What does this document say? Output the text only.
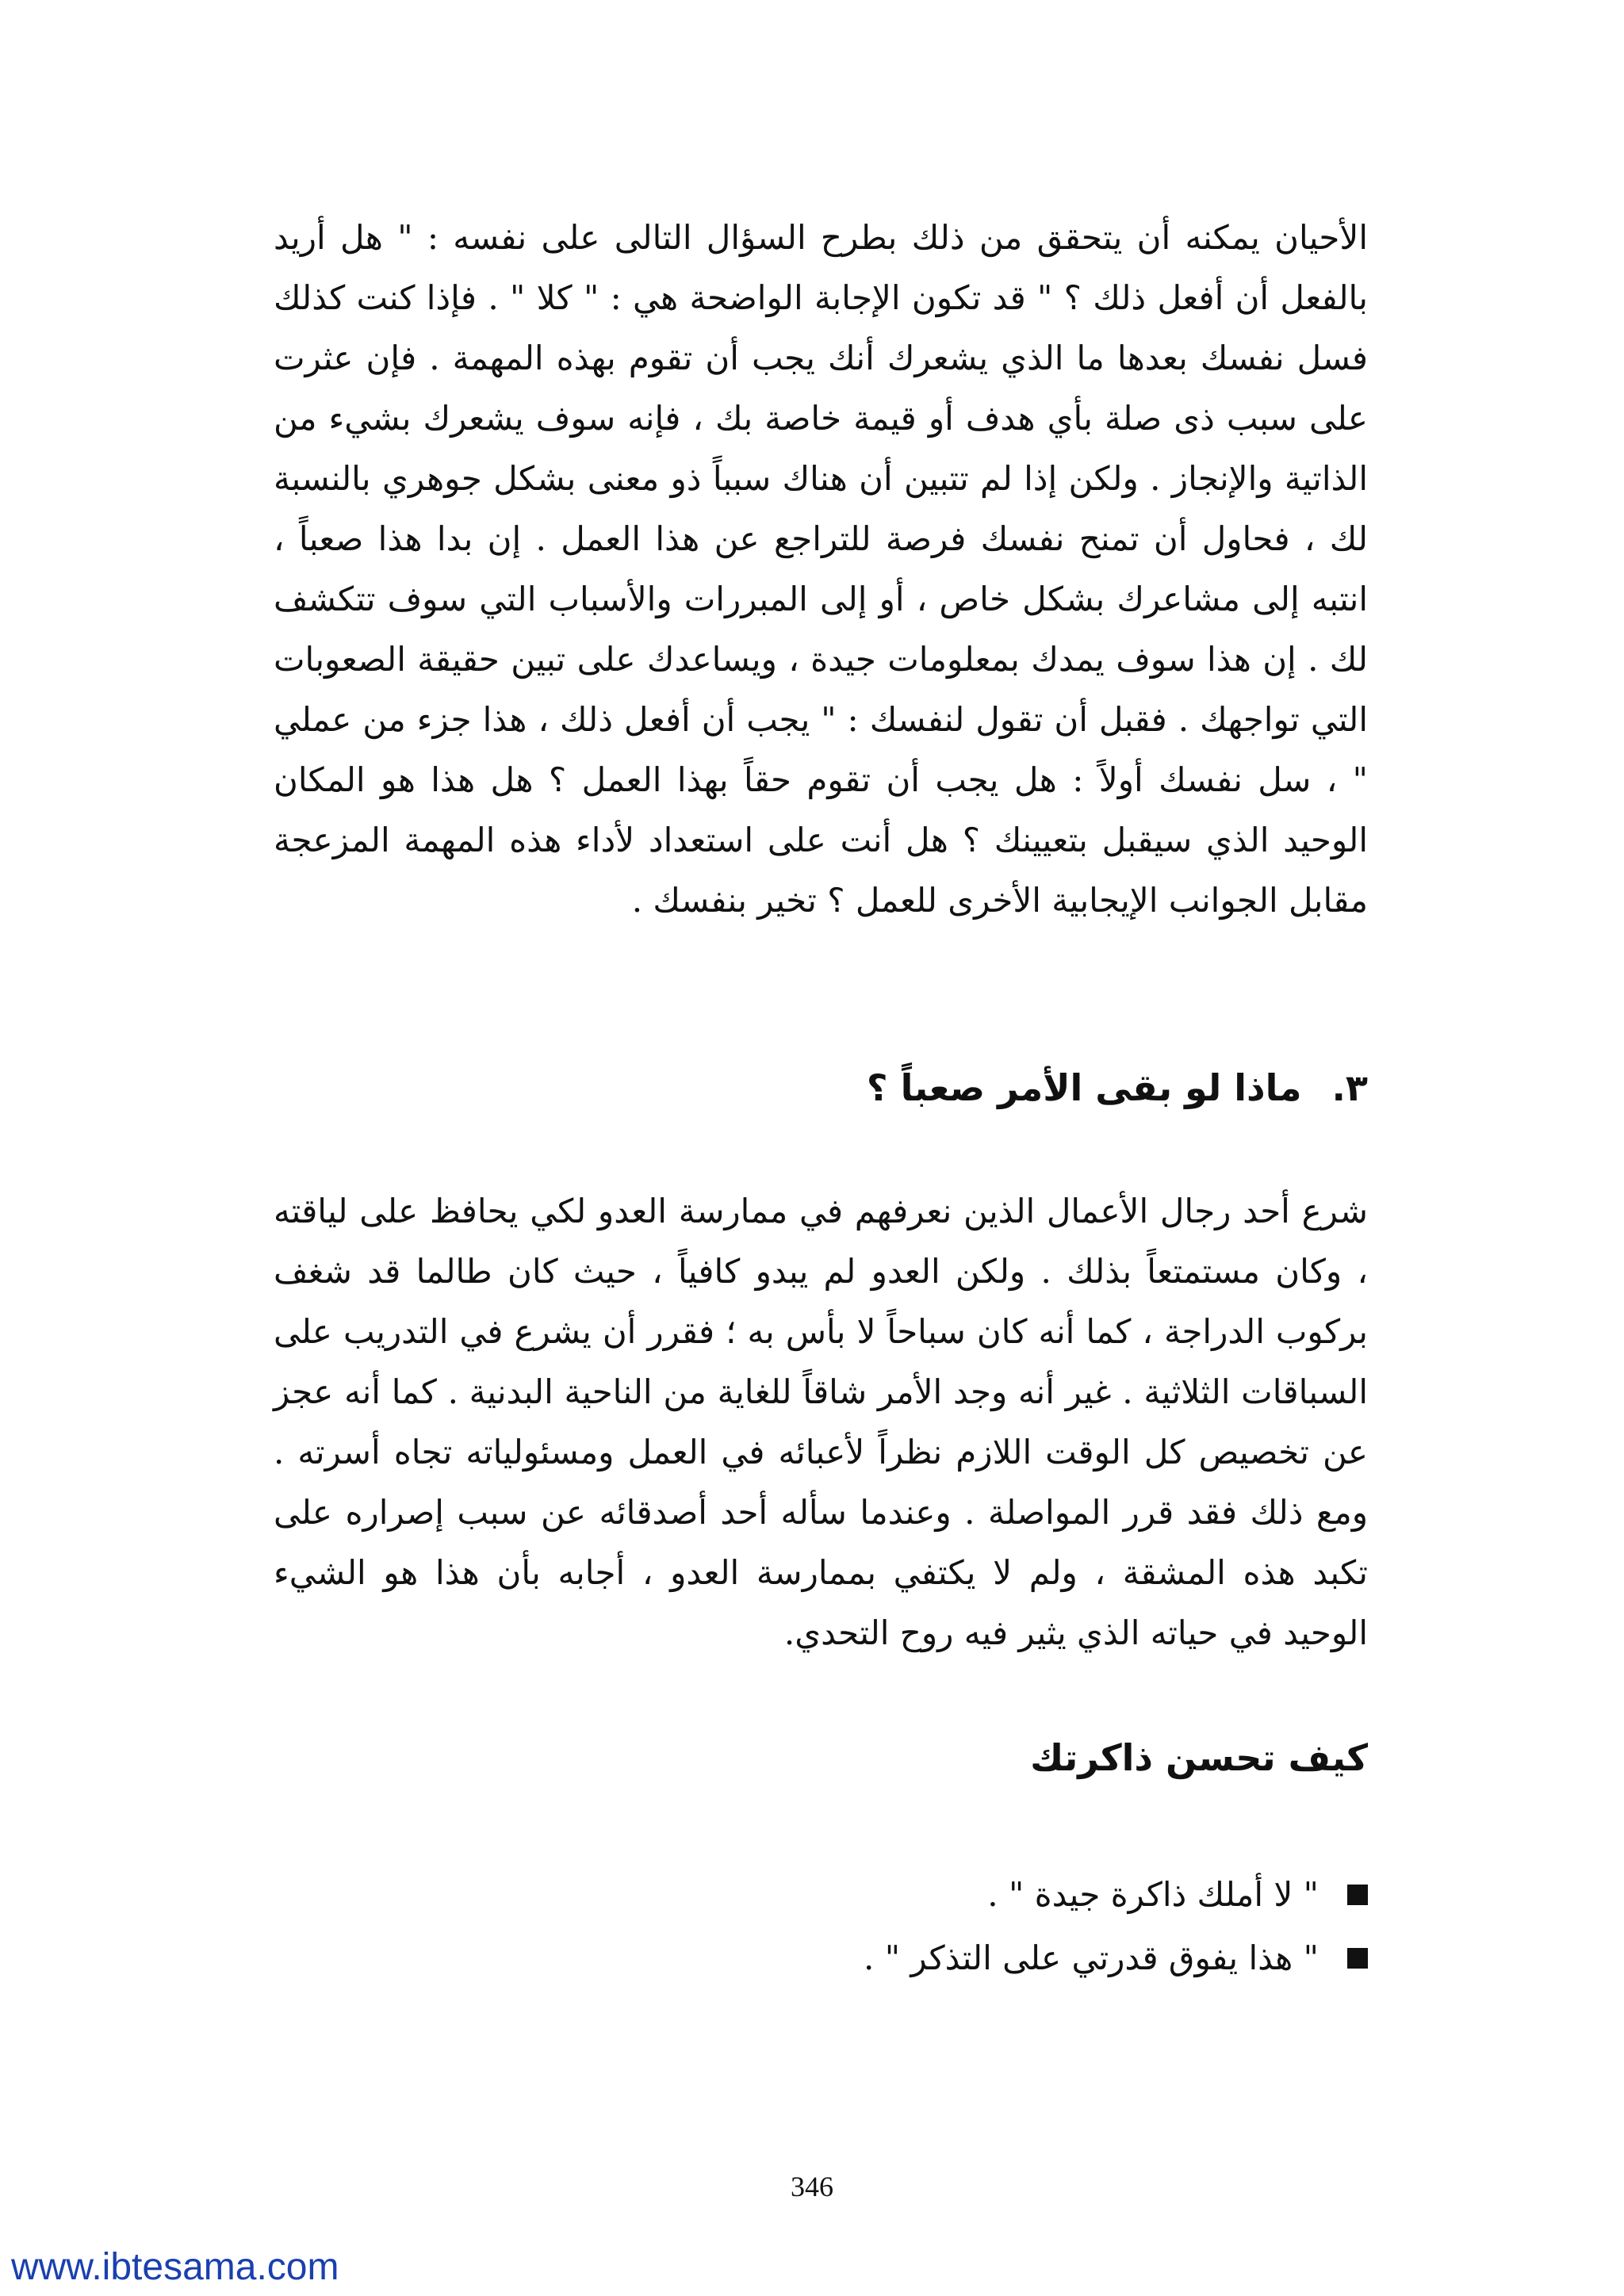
الأحيان يمكنه أن يتحقق من ذلك بطرح السؤال التالى على نفسه : " هل أريد بالفعل أن أفعل ذلك ؟ " قد تكون الإجابة الواضحة هي : " كلا " . فإذا كنت كذلك فسل نفسك بعدها ما الذي يشعرك أنك يجب أن تقوم بهذه المهمة . فإن عثرت على سبب ذى صلة بأي هدف أو قيمة خاصة بك ، فإنه سوف يشعرك بشيء من الذاتية والإنجاز . ولكن إذا لم تتبين أن هناك سبباً ذو معنى بشكل جوهري بالنسبة لك ، فحاول أن تمنح نفسك فرصة للتراجع عن هذا العمل . إن بدا هذا صعباً ، انتبه إلى مشاعرك بشكل خاص ، أو إلى المبررات والأسباب التي سوف تتكشف لك . إن هذا سوف يمدك بمعلومات جيدة ، ويساعدك على تبين حقيقة الصعوبات التي تواجهك . فقبل أن تقول لنفسك : " يجب أن أفعل ذلك ، هذا جزء من عملي " ، سل نفسك أولاً : هل يجب أن تقوم حقاً بهذا العمل ؟ هل هذا هو المكان الوحيد الذي سيقبل بتعيينك ؟ هل أنت على استعداد لأداء هذه المهمة المزعجة مقابل الجوانب الإيجابية الأخرى للعمل ؟ تخير بنفسك .

٣. ماذا لو بقى الأمر صعباً ؟

شرع أحد رجال الأعمال الذين نعرفهم في ممارسة العدو لكي يحافظ على لياقته ، وكان مستمتعاً بذلك . ولكن العدو لم يبدو كافياً ، حيث كان طالما قد شغف بركوب الدراجة ، كما أنه كان سباحاً لا بأس به ؛ فقرر أن يشرع في التدريب على السباقات الثلاثية . غير أنه وجد الأمر شاقاً للغاية من الناحية البدنية . كما أنه عجز عن تخصيص كل الوقت اللازم نظراً لأعبائه في العمل ومسئولياته تجاه أسرته . ومع ذلك فقد قرر المواصلة . وعندما سأله أحد أصدقائه عن سبب إصراره على تكبد هذه المشقة ، ولم لا يكتفي بممارسة العدو ، أجابه بأن هذا هو الشيء الوحيد في حياته الذي يثير فيه روح التحدي.

كيف تحسن ذاكرتك
" لا أملك ذاكرة جيدة " .
" هذا يفوق قدرتي على التذكر " .
346
www.ibtesama.com
